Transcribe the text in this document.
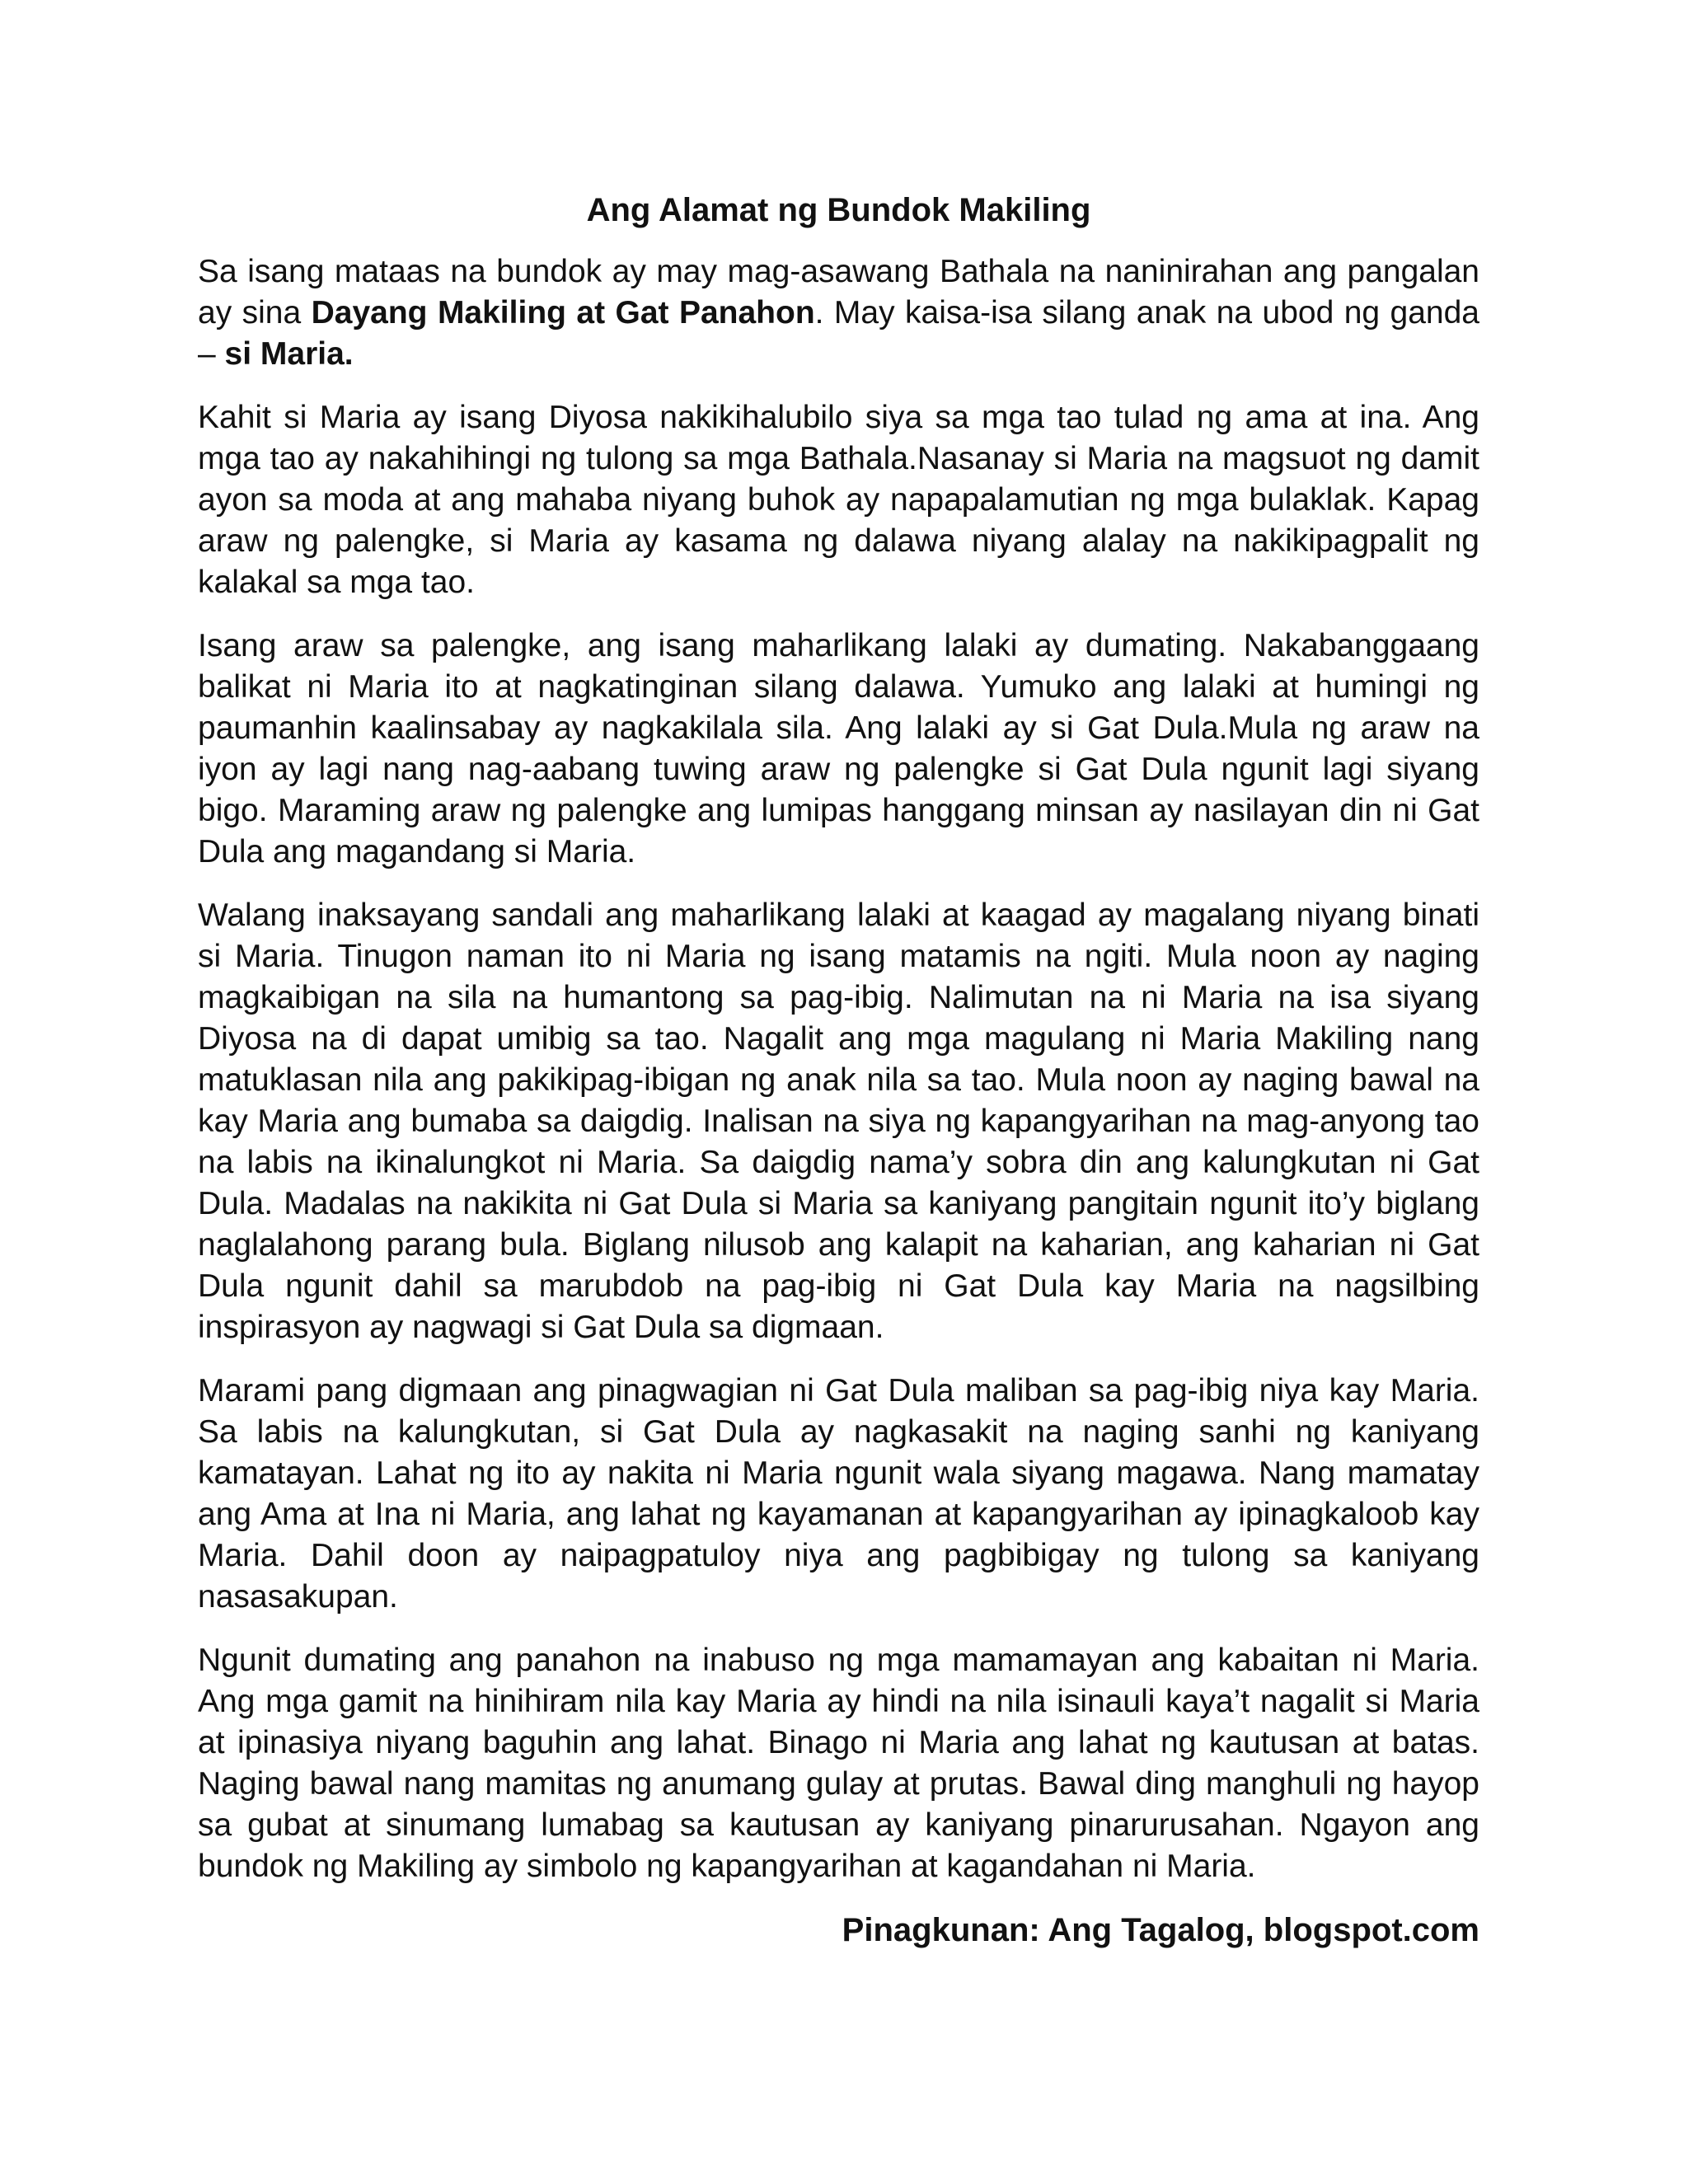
Ang Alamat ng Bundok Makiling

Sa isang mataas na bundok ay may mag-asawang Bathala na naninirahan ang pangalan ay sina Dayang Makiling at Gat Panahon. May kaisa-isa silang anak na ubod ng ganda – si Maria.

Kahit si Maria ay isang Diyosa nakikihalubilo siya sa mga tao tulad ng ama at ina. Ang mga tao ay nakahihingi ng tulong sa mga Bathala.Nasanay si Maria na magsuot ng damit ayon sa moda at ang mahaba niyang buhok ay napapalamutian ng mga bulaklak. Kapag araw ng palengke, si Maria ay kasama ng dalawa niyang alalay na nakikipagpalit ng kalakal sa mga tao.

Isang araw sa palengke, ang isang maharlikang lalaki ay dumating. Nakabanggaang balikat ni Maria ito at nagkatinginan silang dalawa. Yumuko ang lalaki at humingi ng paumanhin kaalinsabay ay nagkakilala sila. Ang lalaki ay si Gat Dula.Mula ng araw na iyon ay lagi nang nag-aabang tuwing araw ng palengke si Gat Dula ngunit lagi siyang bigo. Maraming araw ng palengke ang lumipas hanggang minsan ay nasilayan din ni Gat Dula ang magandang si Maria.

Walang inaksayang sandali ang maharlikang lalaki at kaagad ay magalang niyang binati si Maria. Tinugon naman ito ni Maria ng isang matamis na ngiti. Mula noon ay naging magkaibigan na sila na humantong sa pag-ibig. Nalimutan na ni Maria na isa siyang Diyosa na di dapat umibig sa tao. Nagalit ang mga magulang ni Maria Makiling nang matuklasan nila ang pakikipag-ibigan ng anak nila sa tao. Mula noon ay naging bawal na kay Maria ang bumaba sa daigdig. Inalisan na siya ng kapangyarihan na mag-anyong tao na labis na ikinalungkot ni Maria. Sa daigdig nama’y sobra din ang kalungkutan ni Gat Dula. Madalas na nakikita ni Gat Dula si Maria sa kaniyang pangitain ngunit ito’y biglang naglalahong parang bula. Biglang nilusob ang kalapit na kaharian, ang kaharian ni Gat Dula ngunit dahil sa marubdob na pag-ibig ni Gat Dula kay Maria na nagsilbing inspirasyon ay nagwagi si Gat Dula sa digmaan.

Marami pang digmaan ang pinagwagian ni Gat Dula maliban sa pag-ibig niya kay Maria. Sa labis na kalungkutan, si Gat Dula ay nagkasakit na naging sanhi ng kaniyang kamatayan. Lahat ng ito ay nakita ni Maria ngunit wala siyang magawa. Nang mamatay ang Ama at Ina ni Maria, ang lahat ng kayamanan at kapangyarihan ay ipinagkaloob kay Maria. Dahil doon ay naipagpatuloy niya ang pagbibigay ng tulong sa kaniyang nasasakupan.

Ngunit dumating ang panahon na inabuso ng mga mamamayan ang kabaitan ni Maria. Ang mga gamit na hinihiram nila kay Maria ay hindi na nila isinauli kaya’t nagalit si Maria at ipinasiya niyang baguhin ang lahat. Binago ni Maria ang lahat ng kautusan at batas. Naging bawal nang mamitas ng anumang gulay at prutas. Bawal ding manghuli ng hayop sa gubat at sinumang lumabag sa kautusan ay kaniyang pinarurusahan. Ngayon ang bundok ng Makiling ay simbolo ng kapangyarihan at kagandahan ni Maria.

Pinagkunan: Ang Tagalog, blogspot.com
